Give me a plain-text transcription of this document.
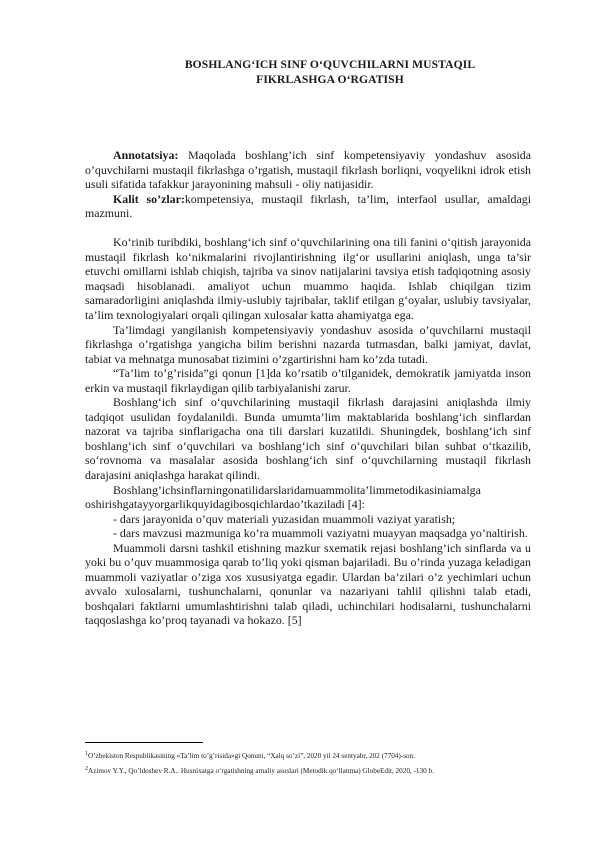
BOSHLANG‘ICH SINF O‘QUVCHILARNI MUSTAQIL
FIKRLASHGA O‘RGATISH

Annotatsiya: Maqolada boshlang’ich sinf kompetensiyaviy yondashuv asosida o’quvchilarni mustaqil fikrlashga o’rgatish, mustaqil fikrlash borliqni, voqyelikni idrok etish usuli sifatida tafakkur jarayonining mahsuli - oliy natijasidir.

Kalit so’zlar:kompetensiya, mustaqil fikrlash, ta’lim, interfaol usullar, amaldagi mazmuni.

Ko‘rinib turibdiki, boshlang‘ich sinf o‘quvchilarining ona tili fanini o‘qitish jarayonida mustaqil fikrlash ko‘nikmalarini rivojlantirishning ilg‘or usullarini aniqlash, unga ta’sir etuvchi omillarni ishlab chiqish, tajriba va sinov natijalarini tavsiya etish tadqiqotning asosiy maqsadi hisoblanadi. amaliyot uchun muammo haqida. Ishlab chiqilgan tizim samaradorligini aniqlashda ilmiy-uslubiy tajribalar, taklif etilgan g‘oyalar, uslubiy tavsiyalar, ta’lim texnologiyalari orqali qilingan xulosalar katta ahamiyatga ega.

Ta’limdagi yangilanish kompetensiyaviy yondashuv asosida o’quvchilarni mustaqil fikrlashga o’rgatishga yangicha bilim berishni nazarda tutmasdan, balki jamiyat, davlat, tabiat va mehnatga munosabat tizimini o’zgartirishni ham ko’zda tutadi.

“Ta’lim to’g’risida”gi qonun [1]da ko’rsatib o’tilganidek, demokratik jamiyatda inson erkin va mustaqil fikrlaydigan qilib tarbiyalanishi zarur.

Boshlang‘ich sinf o‘quvchilarining mustaqil fikrlash darajasini aniqlashda ilmiy tadqiqot usulidan foydalanildi. Bunda umumta’lim maktablarida boshlang‘ich sinflardan nazorat va tajriba sinflarigacha ona tili darslari kuzatildi. Shuningdek, boshlang‘ich sinf boshlang‘ich sinf o‘quvchilari va boshlang‘ich sinf o‘quvchilari bilan suhbat o‘tkazilib, so‘rovnoma va masalalar asosida boshlang‘ich sinf o‘quvchilarning mustaqil fikrlash darajasini aniqlashga harakat qilindi.

Boshlang’ichsinflarningonatilidarslaridamuammolita’limmetodikasiniamalga oshirishgatayyorgarlikquyidagibosqichlardao’tkaziladi [4]:

- dars jarayonida o’quv materiali yuzasidan muammoli vaziyat yaratish;

- dars mavzusi mazmuniga ko’ra muammoli vaziyatni muayyan maqsadga yo’naltirish.

Muammoli darsni tashkil etishning mazkur sxematik rejasi boshlang’ich sinflarda va u yoki bu o’quv muammosiga qarab to’liq yoki qisman bajariladi. Bu o’rinda yuzaga keladigan muammoli vaziyatlar o’ziga xos xususiyatga egadir. Ulardan ba’zilari o’z yechimlari uchun avvalo xulosalarni, tushunchalarni, qonunlar va nazariyani tahlil qilishni talab etadi, boshqalari faktlarni umumlashtirishni talab qiladi, uchinchilari hodisalarni, tushunchalarni taqqoslashga ko’proq tayanadi va hokazo. [5]

$^1$O’zbekiston Respublikasining «Ta’lim to’g’risida»gi Qonuni, “Xalq so’zi”, 2020 yil 24 sentyabr, 202 (7704)-son.
$^2$Azimov Y.Y., Qo’ldoshev R.A.. Husnixatga o‘rgatishning amaliy asoslari (Metodik qo‘llanma) GlobeEdit, 2020, -130 b.
